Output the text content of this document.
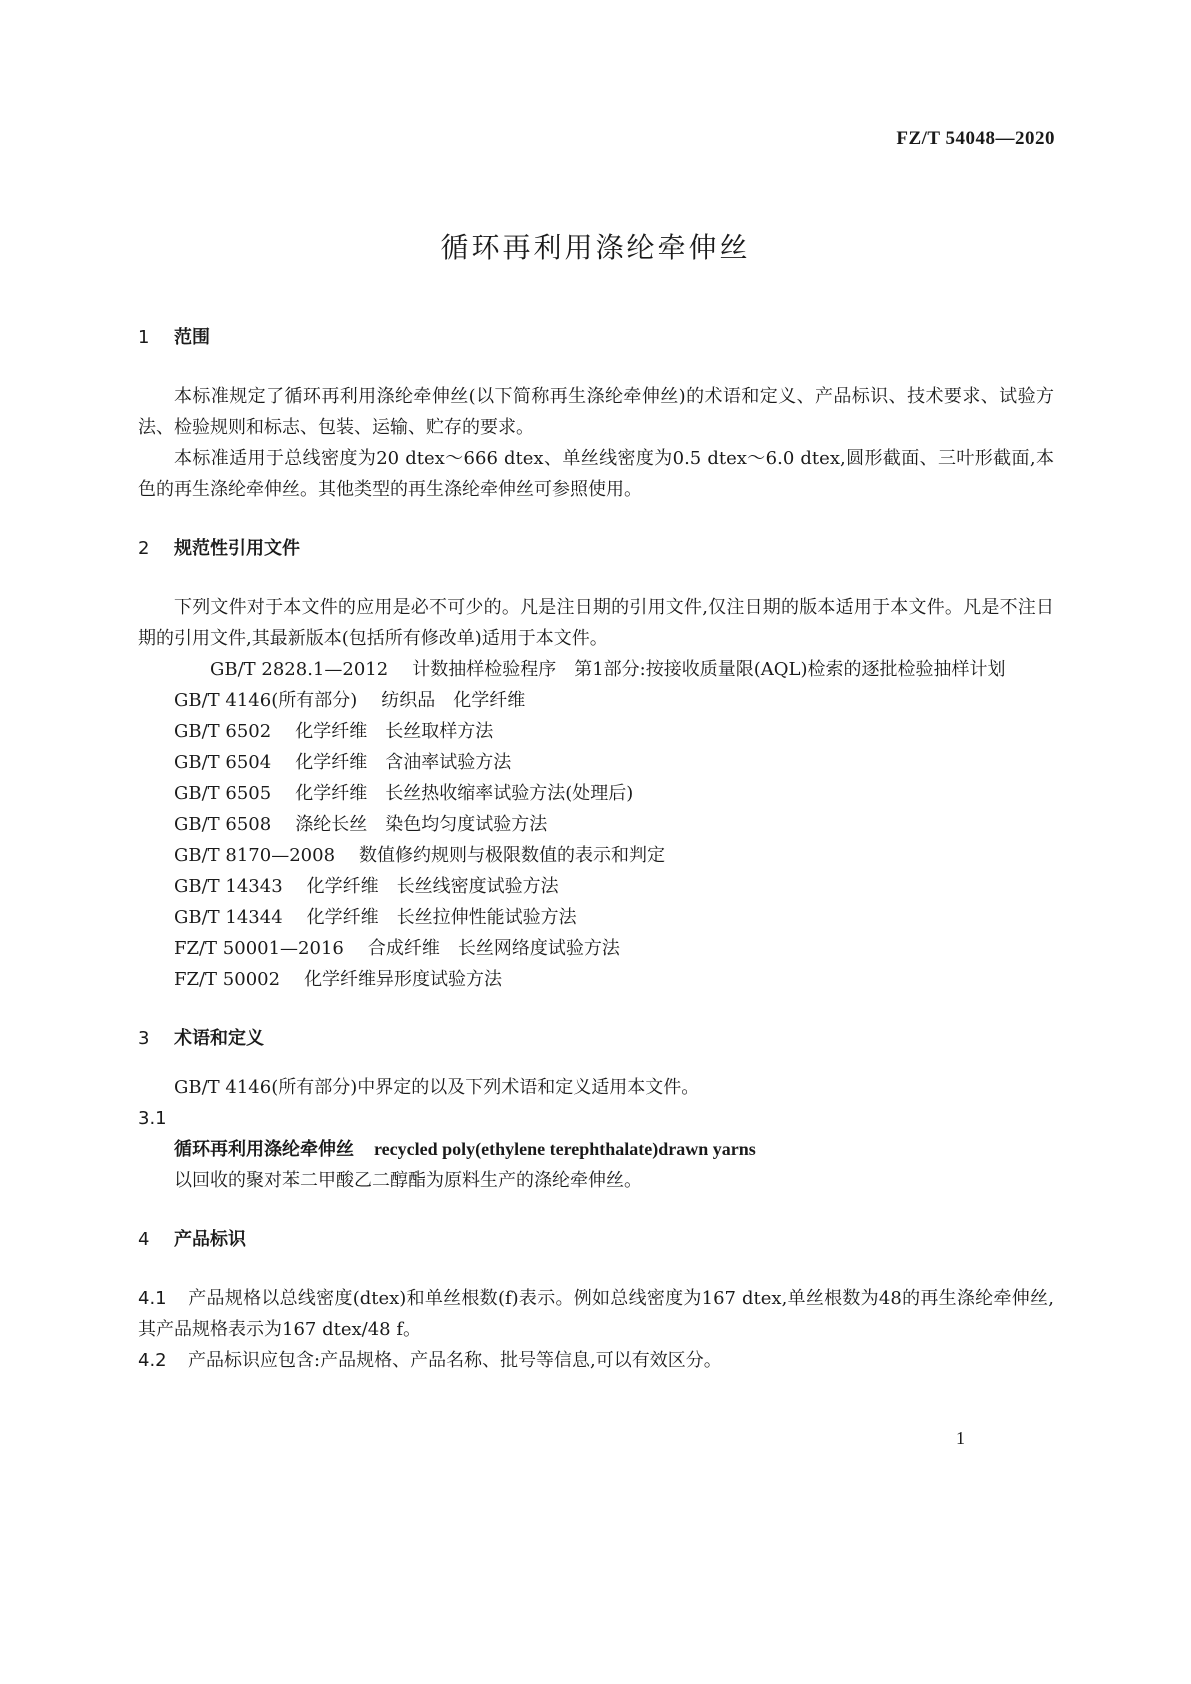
FZ/T 54048—2020
循环再利用涤纶牵伸丝

1 范围

本标准规定了循环再利用涤纶牵伸丝(以下简称再生涤纶牵伸丝)的术语和定义、产品标识、技术要求、试验方法、检验规则和标志、包装、运输、贮存的要求。

本标准适用于总线密度为20 dtex～666 dtex、单丝线密度为0.5 dtex～6.0 dtex,圆形截面、三叶形截面,本色的再生涤纶牵伸丝。其他类型的再生涤纶牵伸丝可参照使用。

2 规范性引用文件

下列文件对于本文件的应用是必不可少的。凡是注日期的引用文件,仅注日期的版本适用于本文件。凡是不注日期的引用文件,其最新版本(包括所有修改单)适用于本文件。

GB/T 2828.1—2012 计数抽样检验程序　第1部分:按接收质量限(AQL)检索的逐批检验抽样计划

GB/T 4146(所有部分) 纺织品　化学纤维

GB/T 6502 化学纤维　长丝取样方法

GB/T 6504 化学纤维　含油率试验方法

GB/T 6505 化学纤维　长丝热收缩率试验方法(处理后)

GB/T 6508 涤纶长丝　染色均匀度试验方法

GB/T 8170—2008 数值修约规则与极限数值的表示和判定

GB/T 14343 化学纤维　长丝线密度试验方法

GB/T 14344 化学纤维　长丝拉伸性能试验方法

FZ/T 50001—2016 合成纤维　长丝网络度试验方法

FZ/T 50002 化学纤维异形度试验方法

3 术语和定义

GB/T 4146(所有部分)中界定的以及下列术语和定义适用本文件。

3.1

循环再利用涤纶牵伸丝 recycled poly(ethylene terephthalate)drawn yarns

以回收的聚对苯二甲酸乙二醇酯为原料生产的涤纶牵伸丝。

4 产品标识

4.1 产品规格以总线密度(dtex)和单丝根数(f)表示。例如总线密度为167 dtex,单丝根数为48的再生涤纶牵伸丝,其产品规格表示为167 dtex/48 f。

4.2 产品标识应包含:产品规格、产品名称、批号等信息,可以有效区分。

1
